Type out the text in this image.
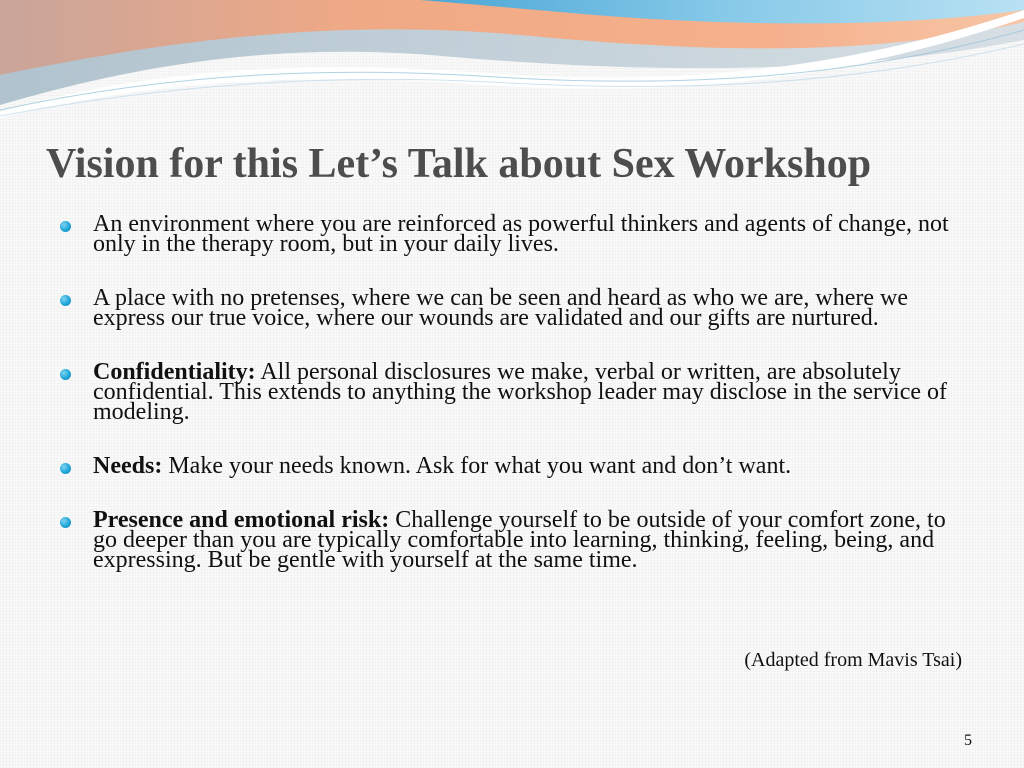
Vision for this Let’s Talk about Sex Workshop
An environment where you are reinforced as powerful thinkers and agents of change, not only in the therapy room, but in your daily lives.
A place with no pretenses, where we can be seen and heard as who we are, where we express our true voice, where our wounds are validated and our gifts are nurtured.
Confidentiality: All personal disclosures we make, verbal or written, are absolutely confidential. This extends to anything the workshop leader may disclose in the service of modeling.
Needs: Make your needs known. Ask for what you want and don’t want.
Presence and emotional risk: Challenge yourself to be outside of your comfort zone, to go deeper than you are typically comfortable into learning, thinking, feeling, being, and expressing. But be gentle with yourself at the same time.
(Adapted from Mavis Tsai)
5
